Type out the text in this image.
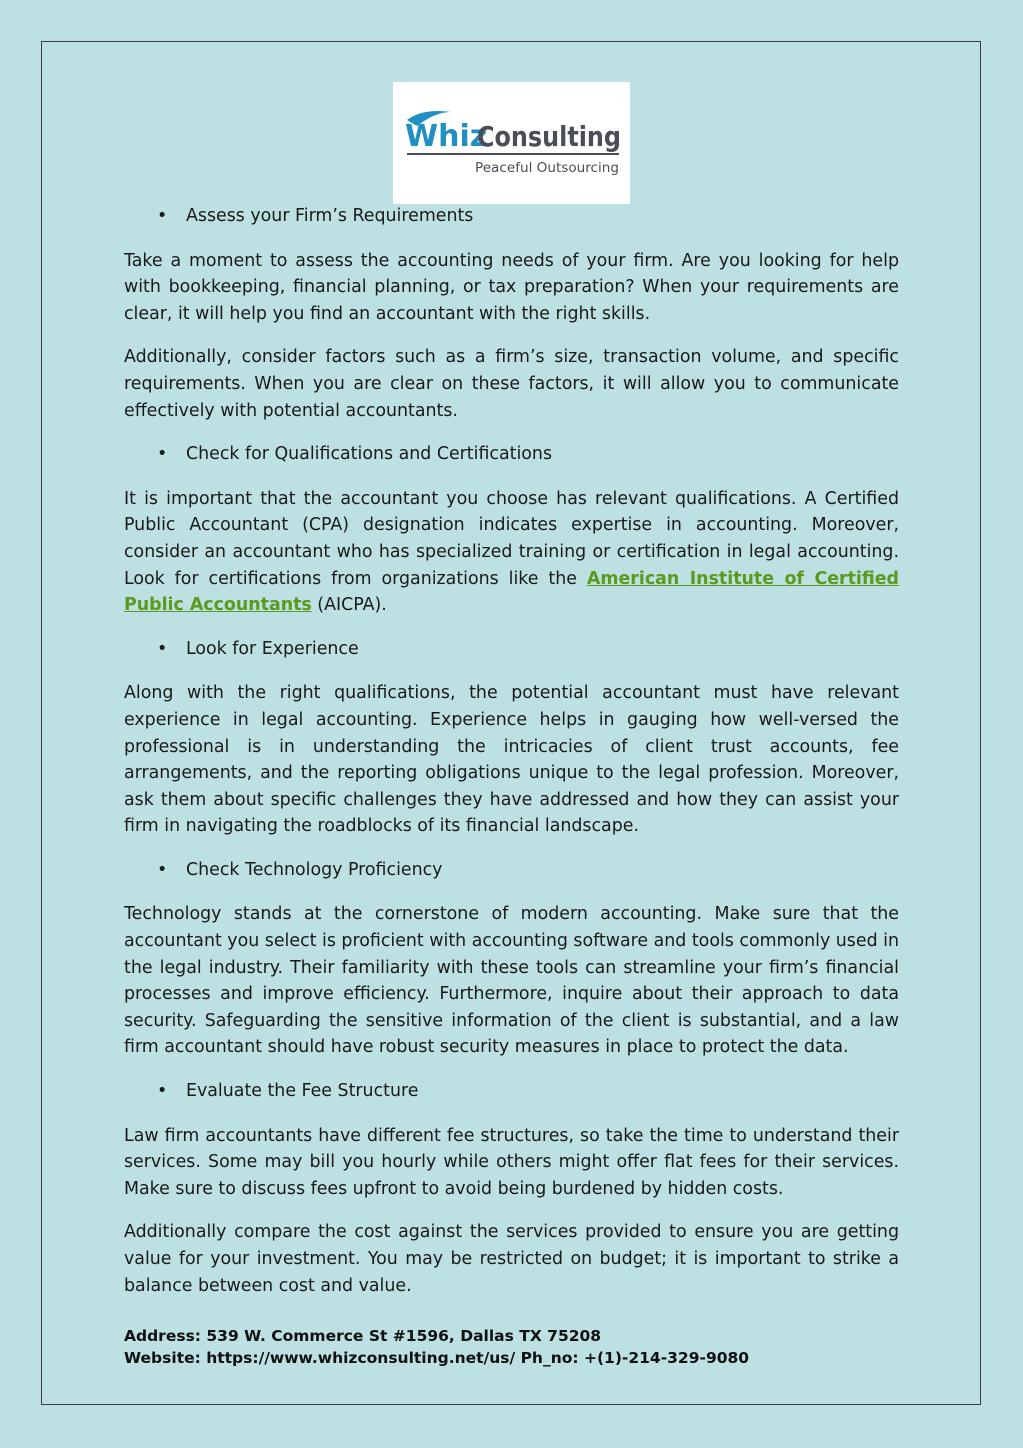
Whiz
Consulting
Peaceful Outsourcing
• Assess your Firm’s Requirements

Take a moment to assess the accounting needs of your firm. Are you looking for help with bookkeeping, financial planning, or tax preparation? When your requirements are clear, it will help you find an accountant with the right skills.

Additionally, consider factors such as a firm’s size, transaction volume, and specific requirements. When you are clear on these factors, it will allow you to communicate effectively with potential accountants.

• Check for Qualifications and Certifications

It is important that the accountant you choose has relevant qualifications. A Certified Public Accountant (CPA) designation indicates expertise in accounting. Moreover, consider an accountant who has specialized training or certification in legal accounting. Look for certifications from organizations like the American Institute of Certified Public Accountants (AICPA).

• Look for Experience

Along with the right qualifications, the potential accountant must have relevant experience in legal accounting. Experience helps in gauging how well-versed the professional is in understanding the intricacies of client trust accounts, fee arrangements, and the reporting obligations unique to the legal profession. Moreover, ask them about specific challenges they have addressed and how they can assist your firm in navigating the roadblocks of its financial landscape.

• Check Technology Proficiency

Technology stands at the cornerstone of modern accounting. Make sure that the accountant you select is proficient with accounting software and tools commonly used in the legal industry. Their familiarity with these tools can streamline your firm’s financial processes and improve efficiency. Furthermore, inquire about their approach to data security. Safeguarding the sensitive information of the client is substantial, and a law firm accountant should have robust security measures in place to protect the data.

• Evaluate the Fee Structure

Law firm accountants have different fee structures, so take the time to understand their services. Some may bill you hourly while others might offer flat fees for their services. Make sure to discuss fees upfront to avoid being burdened by hidden costs.

Additionally compare the cost against the services provided to ensure you are getting value for your investment. You may be restricted on budget; it is important to strike a balance between cost and value.

Address: 539 W. Commerce St #1596, Dallas TX 75208
Website: https://www.whizconsulting.net/us/ Ph_no: +(1)-214-329-9080
